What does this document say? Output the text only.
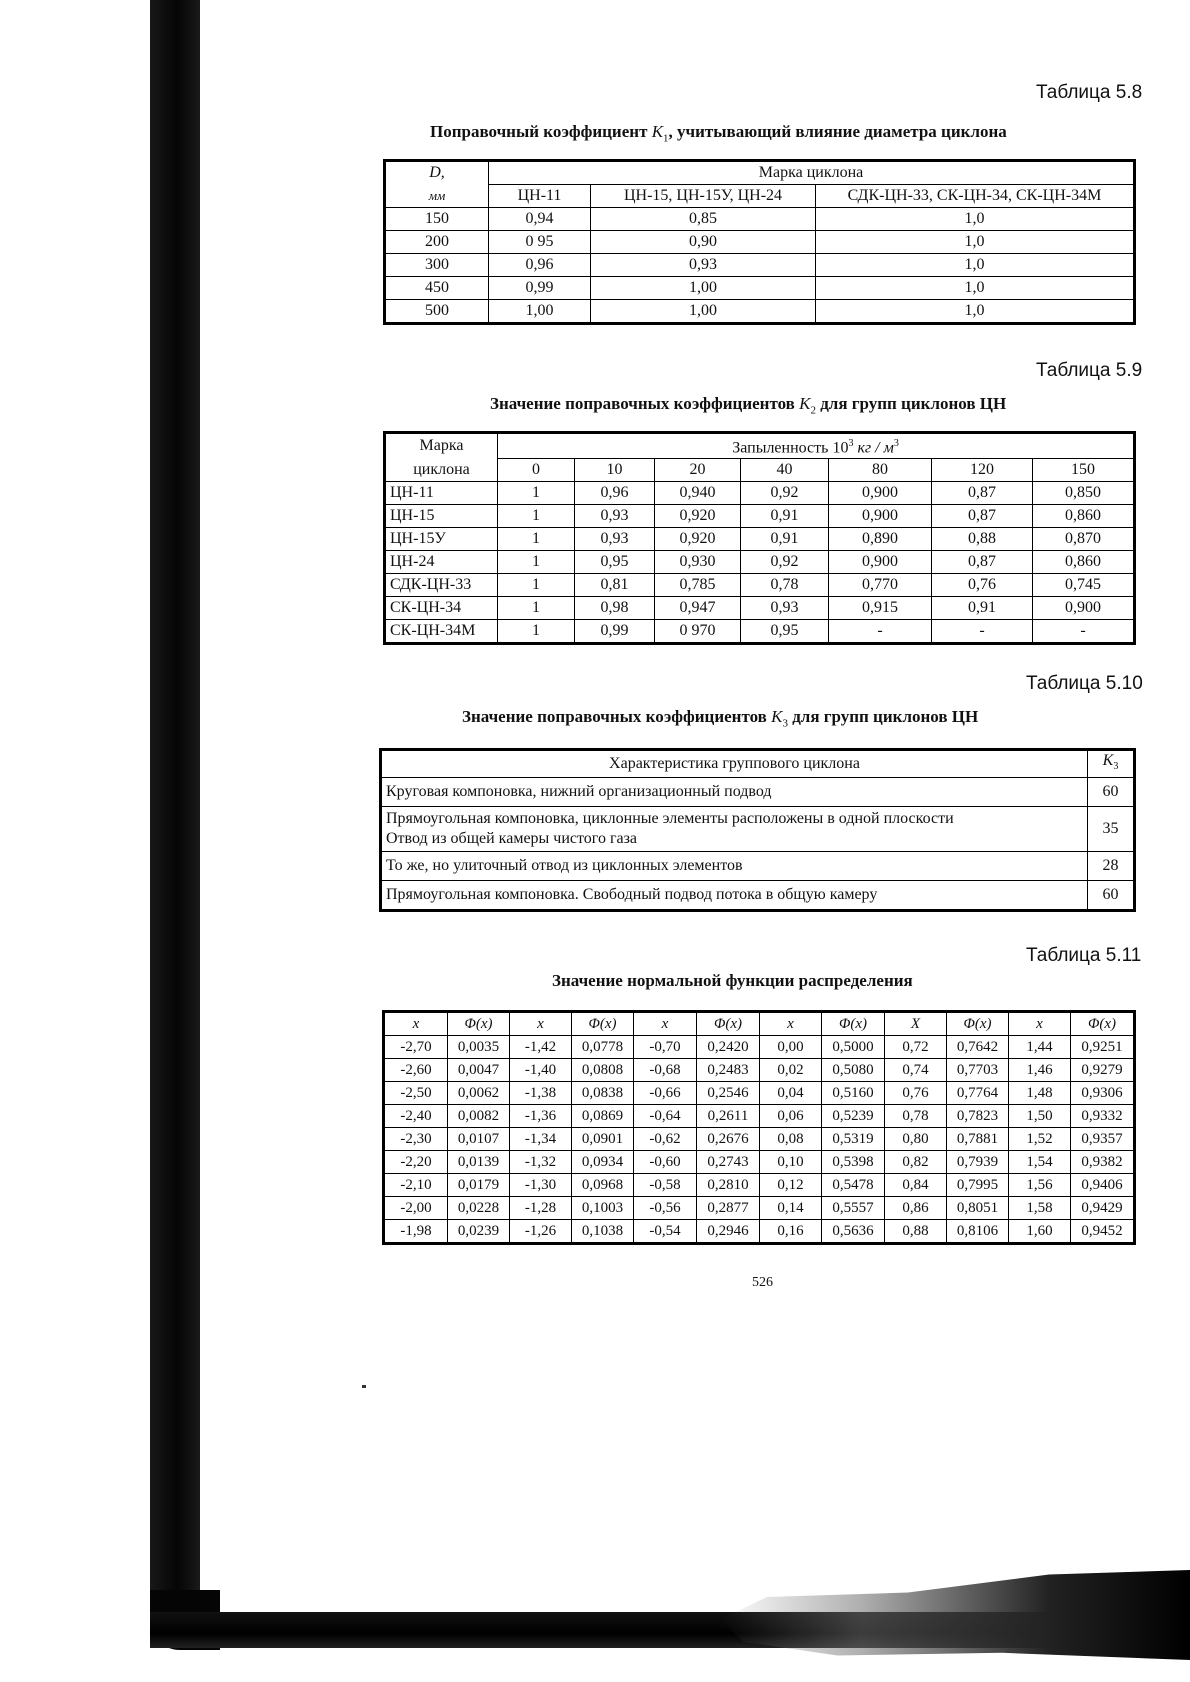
Таблица 5.8
Поправочный коэффициент $K_1$, учитывающий влияние диаметра циклона
D,	Марка циклона		
мм	ЦН-11	ЦН-15, ЦН-15У, ЦН-24	СДК-ЦН-33, СК-ЦН-34, СК-ЦН-34М
150	0,94	0,85	1,0
200	0 95	0,90	1,0
300	0,96	0,93	1,0
450	0,99	1,00	1,0
500	1,00	1,00	1,0
Таблица 5.9
Значение поправочных коэффициентов $K_2$ для групп циклонов ЦН
Марка	Запыленность $10^3$ кг / $м^3$
циклона	0	10	20	40	80	120	150
ЦН-11	1	0,96	0,940	0,92	0,900	0,87	0,850
ЦН-15	1	0,93	0,920	0,91	0,900	0,87	0,860
ЦН-15У	1	0,93	0,920	0,91	0,890	0,88	0,870
ЦН-24	1	0,95	0,930	0,92	0,900	0,87	0,860
СДК-ЦН-33	1	0,81	0,785	0,78	0,770	0,76	0,745
СК-ЦН-34	1	0,98	0,947	0,93	0,915	0,91	0,900
СК-ЦН-34М	1	0,99	0 970	0,95	-	-	-
Таблица 5.10
Значение поправочных коэффициентов $K_3$ для групп циклонов ЦН
Характеристика группового циклона	$K_3$

Круговая компоновка, нижний организационный подвод	60

Прямоугольная компоновка, циклонные элементы расположены в одной плоскости
Отвод из общей камеры чистого газа	35

То же, но улиточный отвод из циклонных элементов	28

Прямоугольная компоновка. Свободный подвод потока в общую камеру	60
Таблица 5.11
Значение нормальной функции распределения
x	Φ(x)	x	Φ(x)	x	Φ(x)	x	Φ(x)	X	Φ(x)	x	Φ(x)
-2,70	0,0035	-1,42	0,0778	-0,70	0,2420	0,00	0,5000	0,72	0,7642	1,44	0,9251
-2,60	0,0047	-1,40	0,0808	-0,68	0,2483	0,02	0,5080	0,74	0,7703	1,46	0,9279
-2,50	0,0062	-1,38	0,0838	-0,66	0,2546	0,04	0,5160	0,76	0,7764	1,48	0,9306
-2,40	0,0082	-1,36	0,0869	-0,64	0,2611	0,06	0,5239	0,78	0,7823	1,50	0,9332
-2,30	0,0107	-1,34	0,0901	-0,62	0,2676	0,08	0,5319	0,80	0,7881	1,52	0,9357
-2,20	0,0139	-1,32	0,0934	-0,60	0,2743	0,10	0,5398	0,82	0,7939	1,54	0,9382
-2,10	0,0179	-1,30	0,0968	-0,58	0,2810	0,12	0,5478	0,84	0,7995	1,56	0,9406
-2,00	0,0228	-1,28	0,1003	-0,56	0,2877	0,14	0,5557	0,86	0,8051	1,58	0,9429
-1,98	0,0239	-1,26	0,1038	-0,54	0,2946	0,16	0,5636	0,88	0,8106	1,60	0,9452
526
